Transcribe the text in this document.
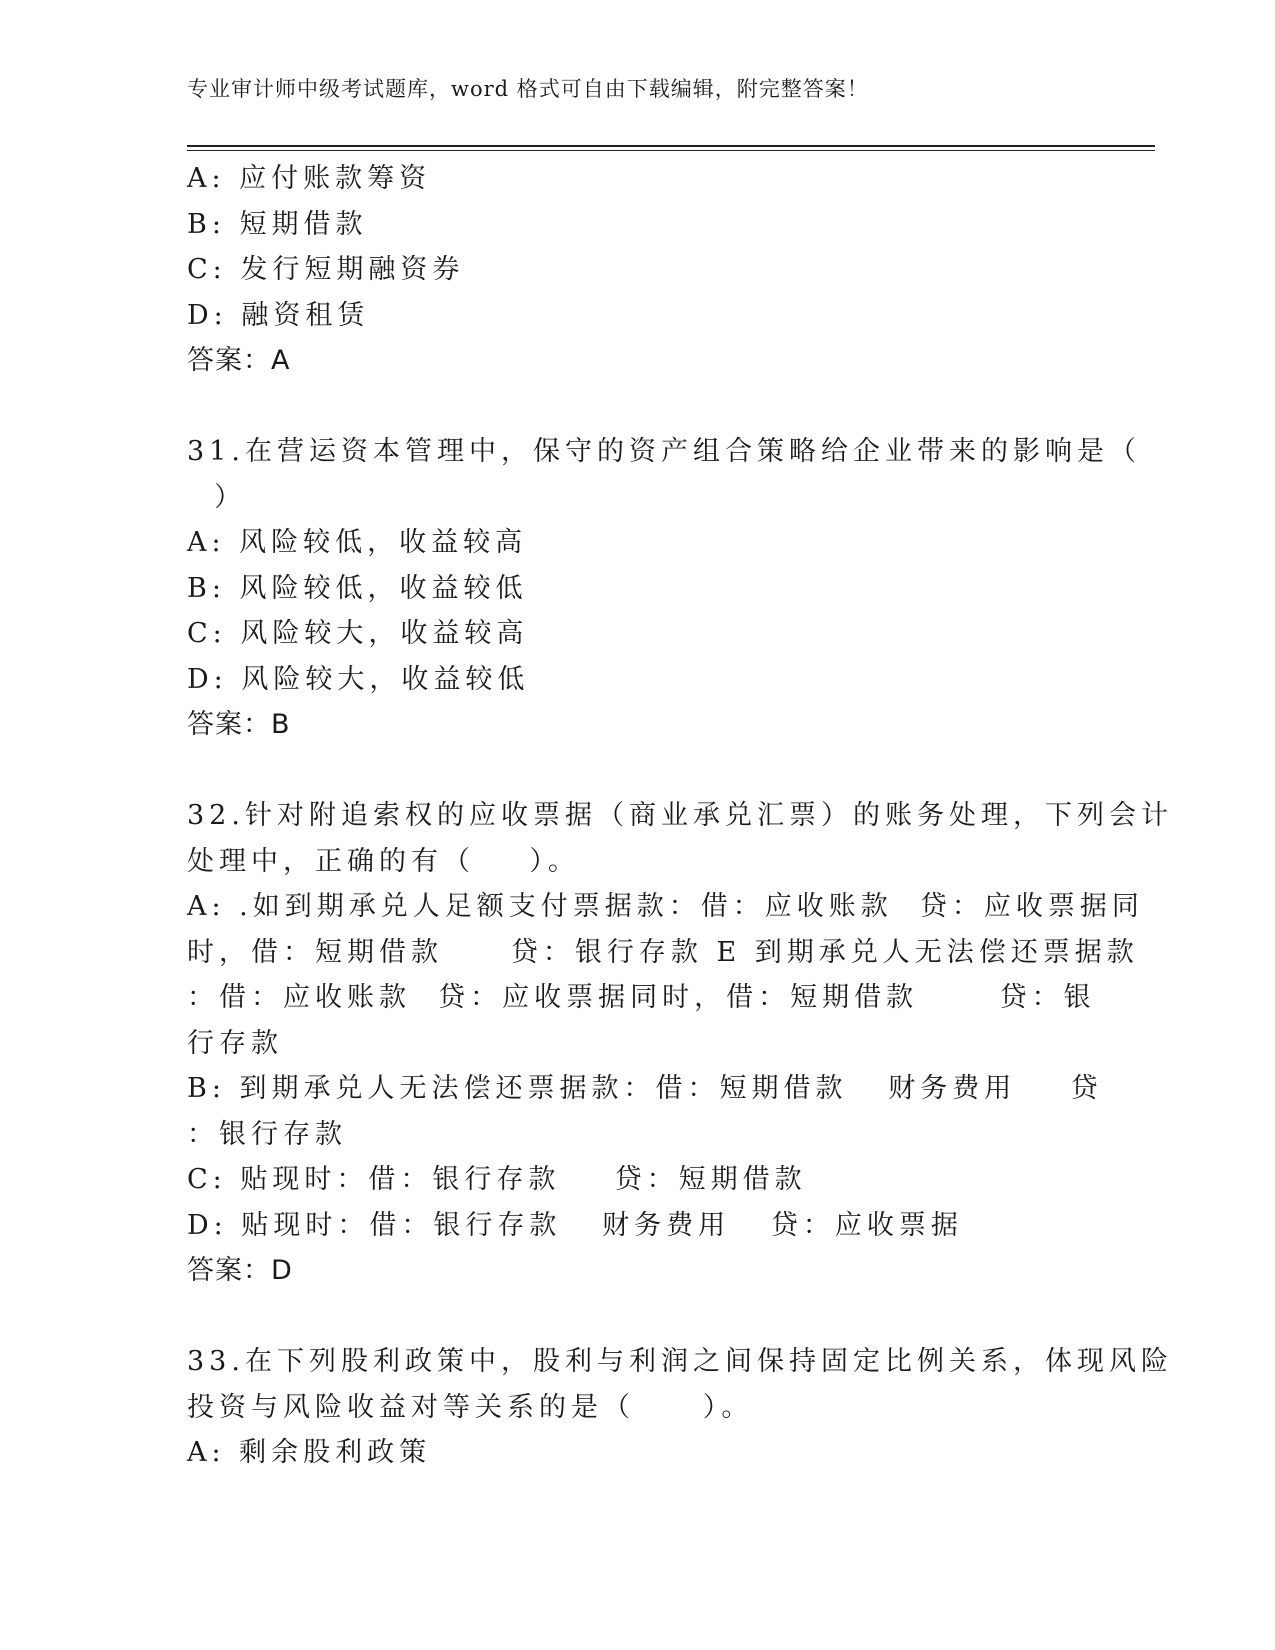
专业审计师中级考试题库，word 格式可自由下载编辑，附完整答案！
A: 应付账款筹资
B: 短期借款
C: 发行短期融资券
D: 融资租赁
答案：A
31.在营运资本管理中，保守的资产组合策略给企业带来的影响是（
）
A: 风险较低，收益较高
B: 风险较低，收益较低
C: 风险较大，收益较高
D: 风险较大，收益较低
答案：B
32.针对附追索权的应收票据（商业承兑汇票）的账务处理，下列会计
处理中，正确的有（    ）。
A: .如到期承兑人足额支付票据款：借：应收账款  贷：应收票据同
时，借：短期借款     贷：银行存款 E 到期承兑人无法偿还票据款
：借：应收账款  贷：应收票据同时，借：短期借款      贷：银
行存款
B: 到期承兑人无法偿还票据款：借：短期借款   财务费用    贷
：银行存款
C: 贴现时：借：银行存款    贷：短期借款
D: 贴现时：借：银行存款   财务费用   贷：应收票据
答案：D
33.在下列股利政策中，股利与利润之间保持固定比例关系，体现风险
投资与风险收益对等关系的是（     ）。
A: 剩余股利政策
